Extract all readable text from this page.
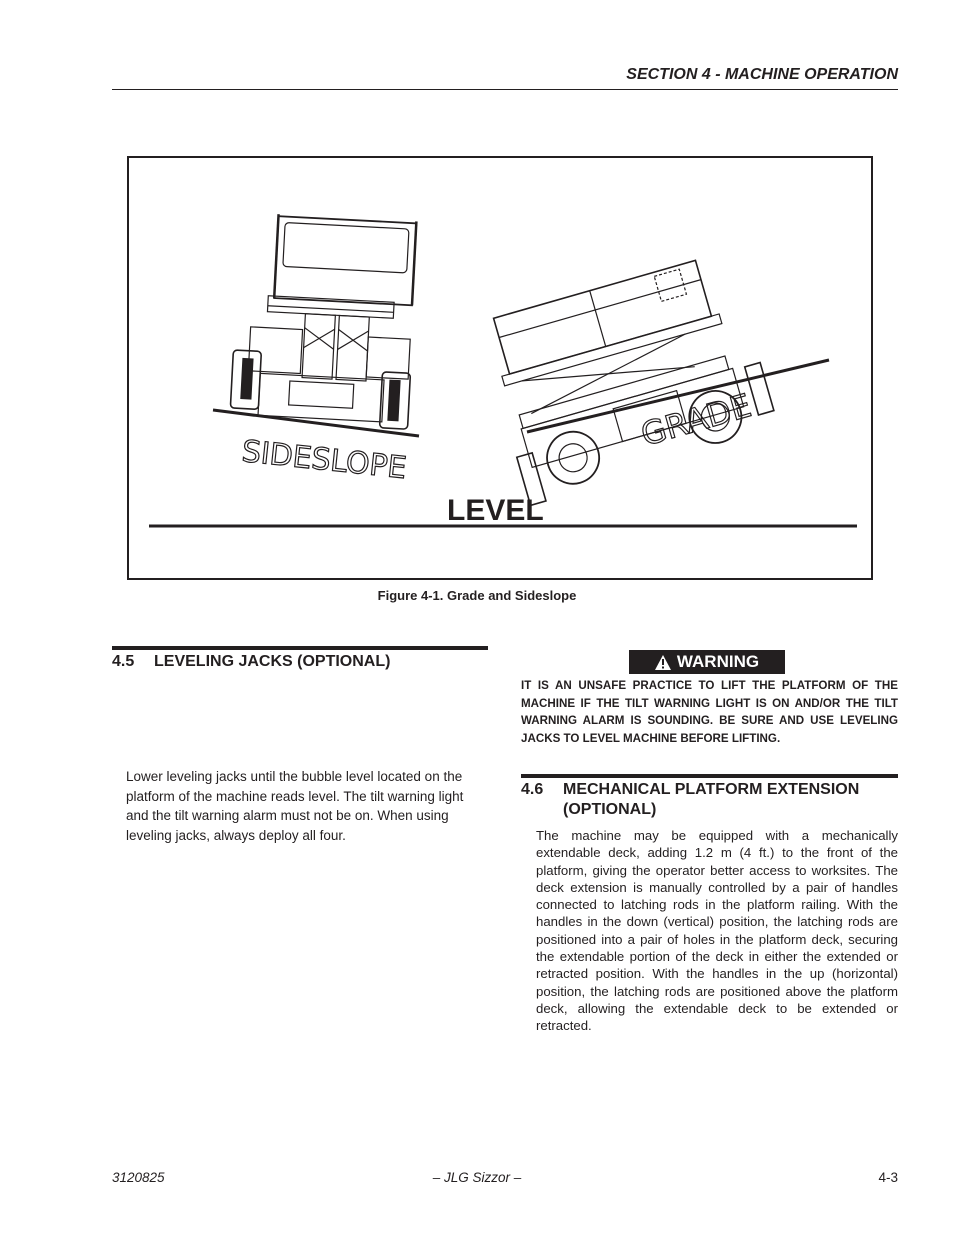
SECTION 4 - MACHINE OPERATION
SIDESLOPE
GRADE
LEVEL
Figure 4-1. Grade and Sideslope
4.5 LEVELING JACKS (OPTIONAL)
Lower leveling jacks until the bubble level located on the platform of the machine reads level. The tilt warning light and the tilt warning alarm must not be on. When using leveling jacks, always deploy all four.
WARNING
IT IS AN UNSAFE PRACTICE TO LIFT THE PLATFORM OF THE MACHINE IF THE TILT WARNING LIGHT IS ON AND/OR THE TILT WARNING ALARM IS SOUNDING. BE SURE AND USE LEVELING JACKS TO LEVEL MACHINE BEFORE LIFTING.
4.6 MECHANICAL PLATFORM EXTENSION (OPTIONAL)
The machine may be equipped with a mechanically extendable deck, adding 1.2 m (4 ft.) to the front of the platform, giving the operator better access to worksites. The deck extension is manually controlled by a pair of handles connected to latching rods in the platform railing. With the handles in the down (vertical) position, the latching rods are positioned into a pair of holes in the platform deck, securing the extendable portion of the deck in either the extended or retracted position. With the handles in the up (horizontal) position, the latching rods are positioned above the platform deck, allowing the extendable deck to be extended or retracted.
3120825	– JLG Sizzor –	4-3
